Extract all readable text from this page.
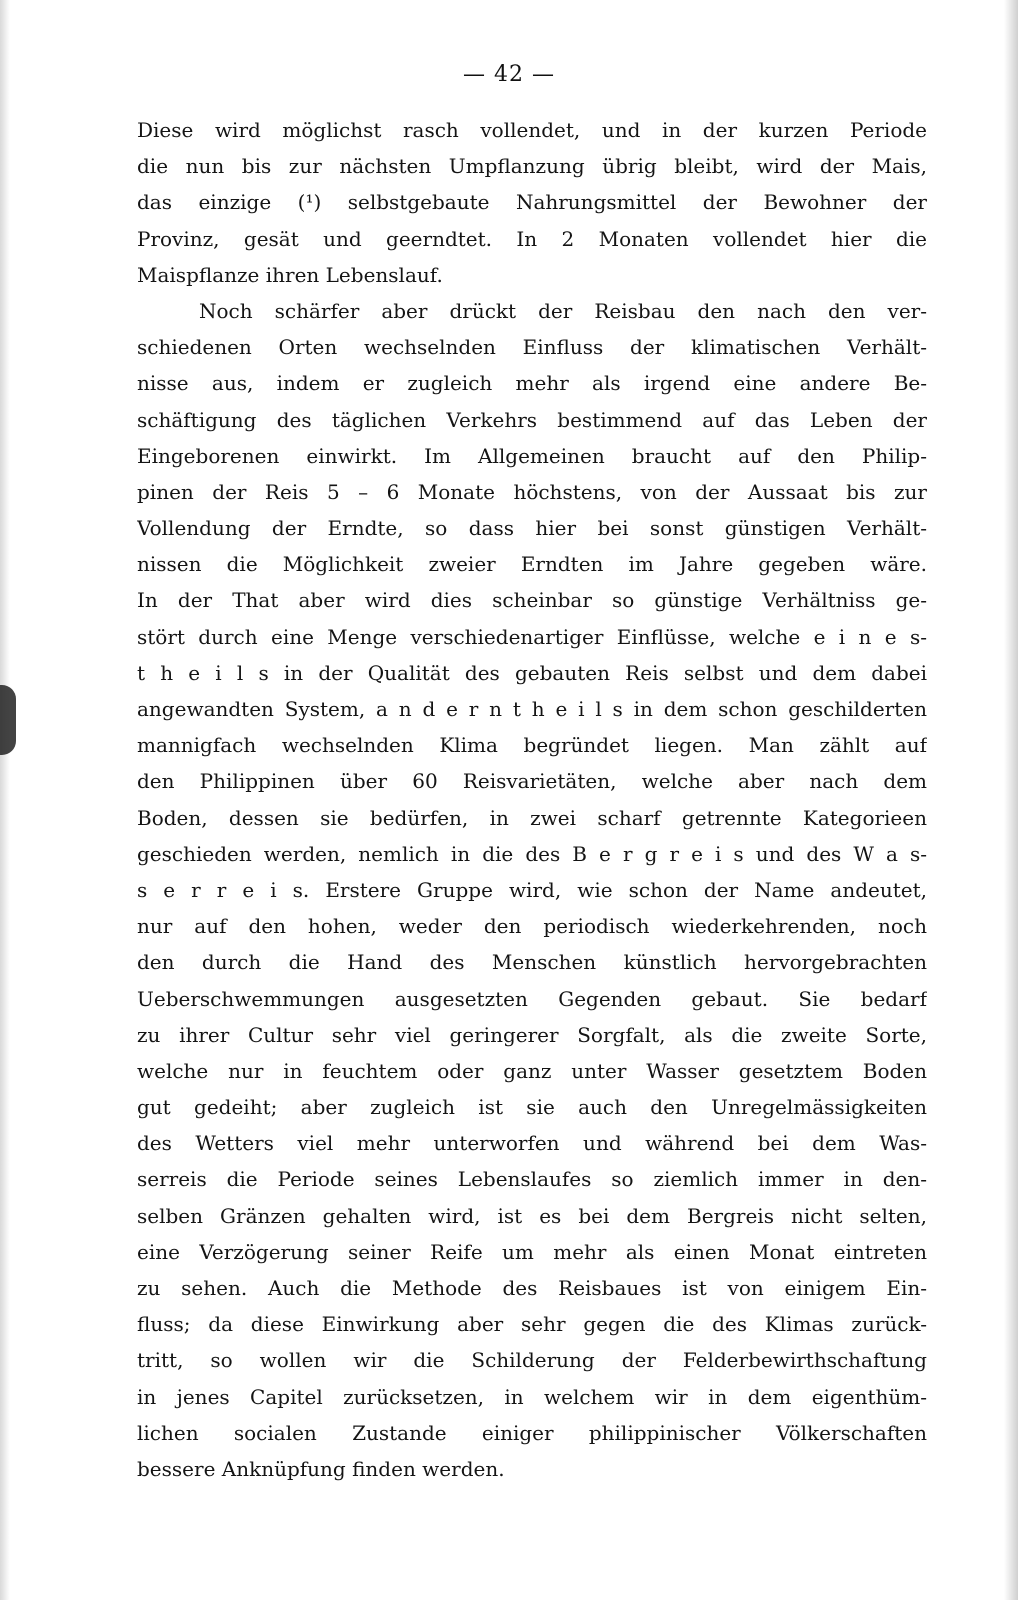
— 42 —
Diese wird möglichst rasch vollendet, und in der kurzen Periode
die nun bis zur nächsten Umpflanzung übrig bleibt, wird der Mais,
das einzige (¹) selbstgebaute Nahrungsmittel der Bewohner der
Provinz, gesät und geerndtet. In 2 Monaten vollendet hier die
Maispflanze ihren Lebenslauf.
Noch schärfer aber drückt der Reisbau den nach den ver-
schiedenen Orten wechselnden Einfluss der klimatischen Verhält-
nisse aus, indem er zugleich mehr als irgend eine andere Be-
schäftigung des täglichen Verkehrs bestimmend auf das Leben der
Eingeborenen einwirkt. Im Allgemeinen braucht auf den Philip-
pinen der Reis 5 – 6 Monate höchstens, von der Aussaat bis zur
Vollendung der Erndte, so dass hier bei sonst günstigen Verhält-
nissen die Möglichkeit zweier Erndten im Jahre gegeben wäre.
In der That aber wird dies scheinbar so günstige Verhältniss ge-
stört durch eine Menge verschiedenartiger Einflüsse, welche e i n e s-
t h e i l s in der Qualität des gebauten Reis selbst und dem dabei
angewandten System, a n d e r n t h e i l s in dem schon geschilderten
mannigfach wechselnden Klima begründet liegen. Man zählt auf
den Philippinen über 60 Reisvarietäten, welche aber nach dem
Boden, dessen sie bedürfen, in zwei scharf getrennte Kategorieen
geschieden werden, nemlich in die des B e r g r e i s und des W a s-
s e r r e i s. Erstere Gruppe wird, wie schon der Name andeutet,
nur auf den hohen, weder den periodisch wiederkehrenden, noch
den durch die Hand des Menschen künstlich hervorgebrachten
Ueberschwemmungen ausgesetzten Gegenden gebaut. Sie bedarf
zu ihrer Cultur sehr viel geringerer Sorgfalt, als die zweite Sorte,
welche nur in feuchtem oder ganz unter Wasser gesetztem Boden
gut gedeiht; aber zugleich ist sie auch den Unregelmässigkeiten
des Wetters viel mehr unterworfen und während bei dem Was-
serreis die Periode seines Lebenslaufes so ziemlich immer in den-
selben Gränzen gehalten wird, ist es bei dem Bergreis nicht selten,
eine Verzögerung seiner Reife um mehr als einen Monat eintreten
zu sehen. Auch die Methode des Reisbaues ist von einigem Ein-
fluss; da diese Einwirkung aber sehr gegen die des Klimas zurück-
tritt, so wollen wir die Schilderung der Felderbewirthschaftung
in jenes Capitel zurücksetzen, in welchem wir in dem eigenthüm-
lichen socialen Zustande einiger philippinischer Völkerschaften
bessere Anknüpfung finden werden.
